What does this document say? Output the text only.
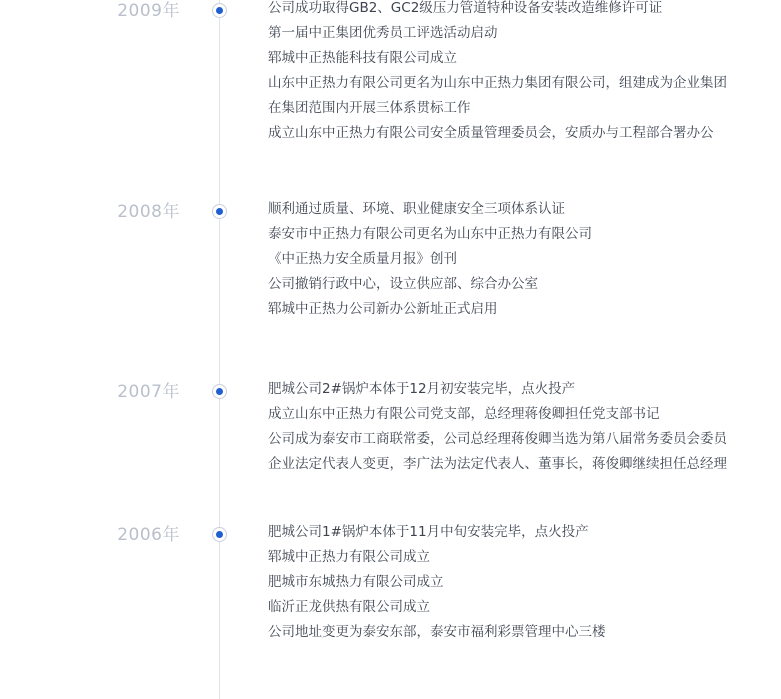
2009年	公司成功取得GB2、GC2级压力管道特种设备安装改造维修许可证
第一届中正集团优秀员工评选活动启动
郓城中正热能科技有限公司成立
山东中正热力有限公司更名为山东中正热力集团有限公司，组建成为企业集团
在集团范围内开展三体系贯标工作
成立山东中正热力有限公司安全质量管理委员会，安质办与工程部合署办公
2008年	顺利通过质量、环境、职业健康安全三项体系认证
泰安市中正热力有限公司更名为山东中正热力有限公司
《中正热力安全质量月报》创刊
公司撤销行政中心，设立供应部、综合办公室
郓城中正热力公司新办公新址正式启用
2007年	肥城公司2#锅炉本体于12月初安装完毕，点火投产
成立山东中正热力有限公司党支部，总经理蒋俊卿担任党支部书记
公司成为泰安市工商联常委，公司总经理蒋俊卿当选为第八届常务委员会委员
企业法定代表人变更，李广法为法定代表人、董事长，蒋俊卿继续担任总经理
2006年	肥城公司1#锅炉本体于11月中旬安装完毕，点火投产
郓城中正热力有限公司成立
肥城市东城热力有限公司成立
临沂正龙供热有限公司成立
公司地址变更为泰安东部，泰安市福利彩票管理中心三楼
